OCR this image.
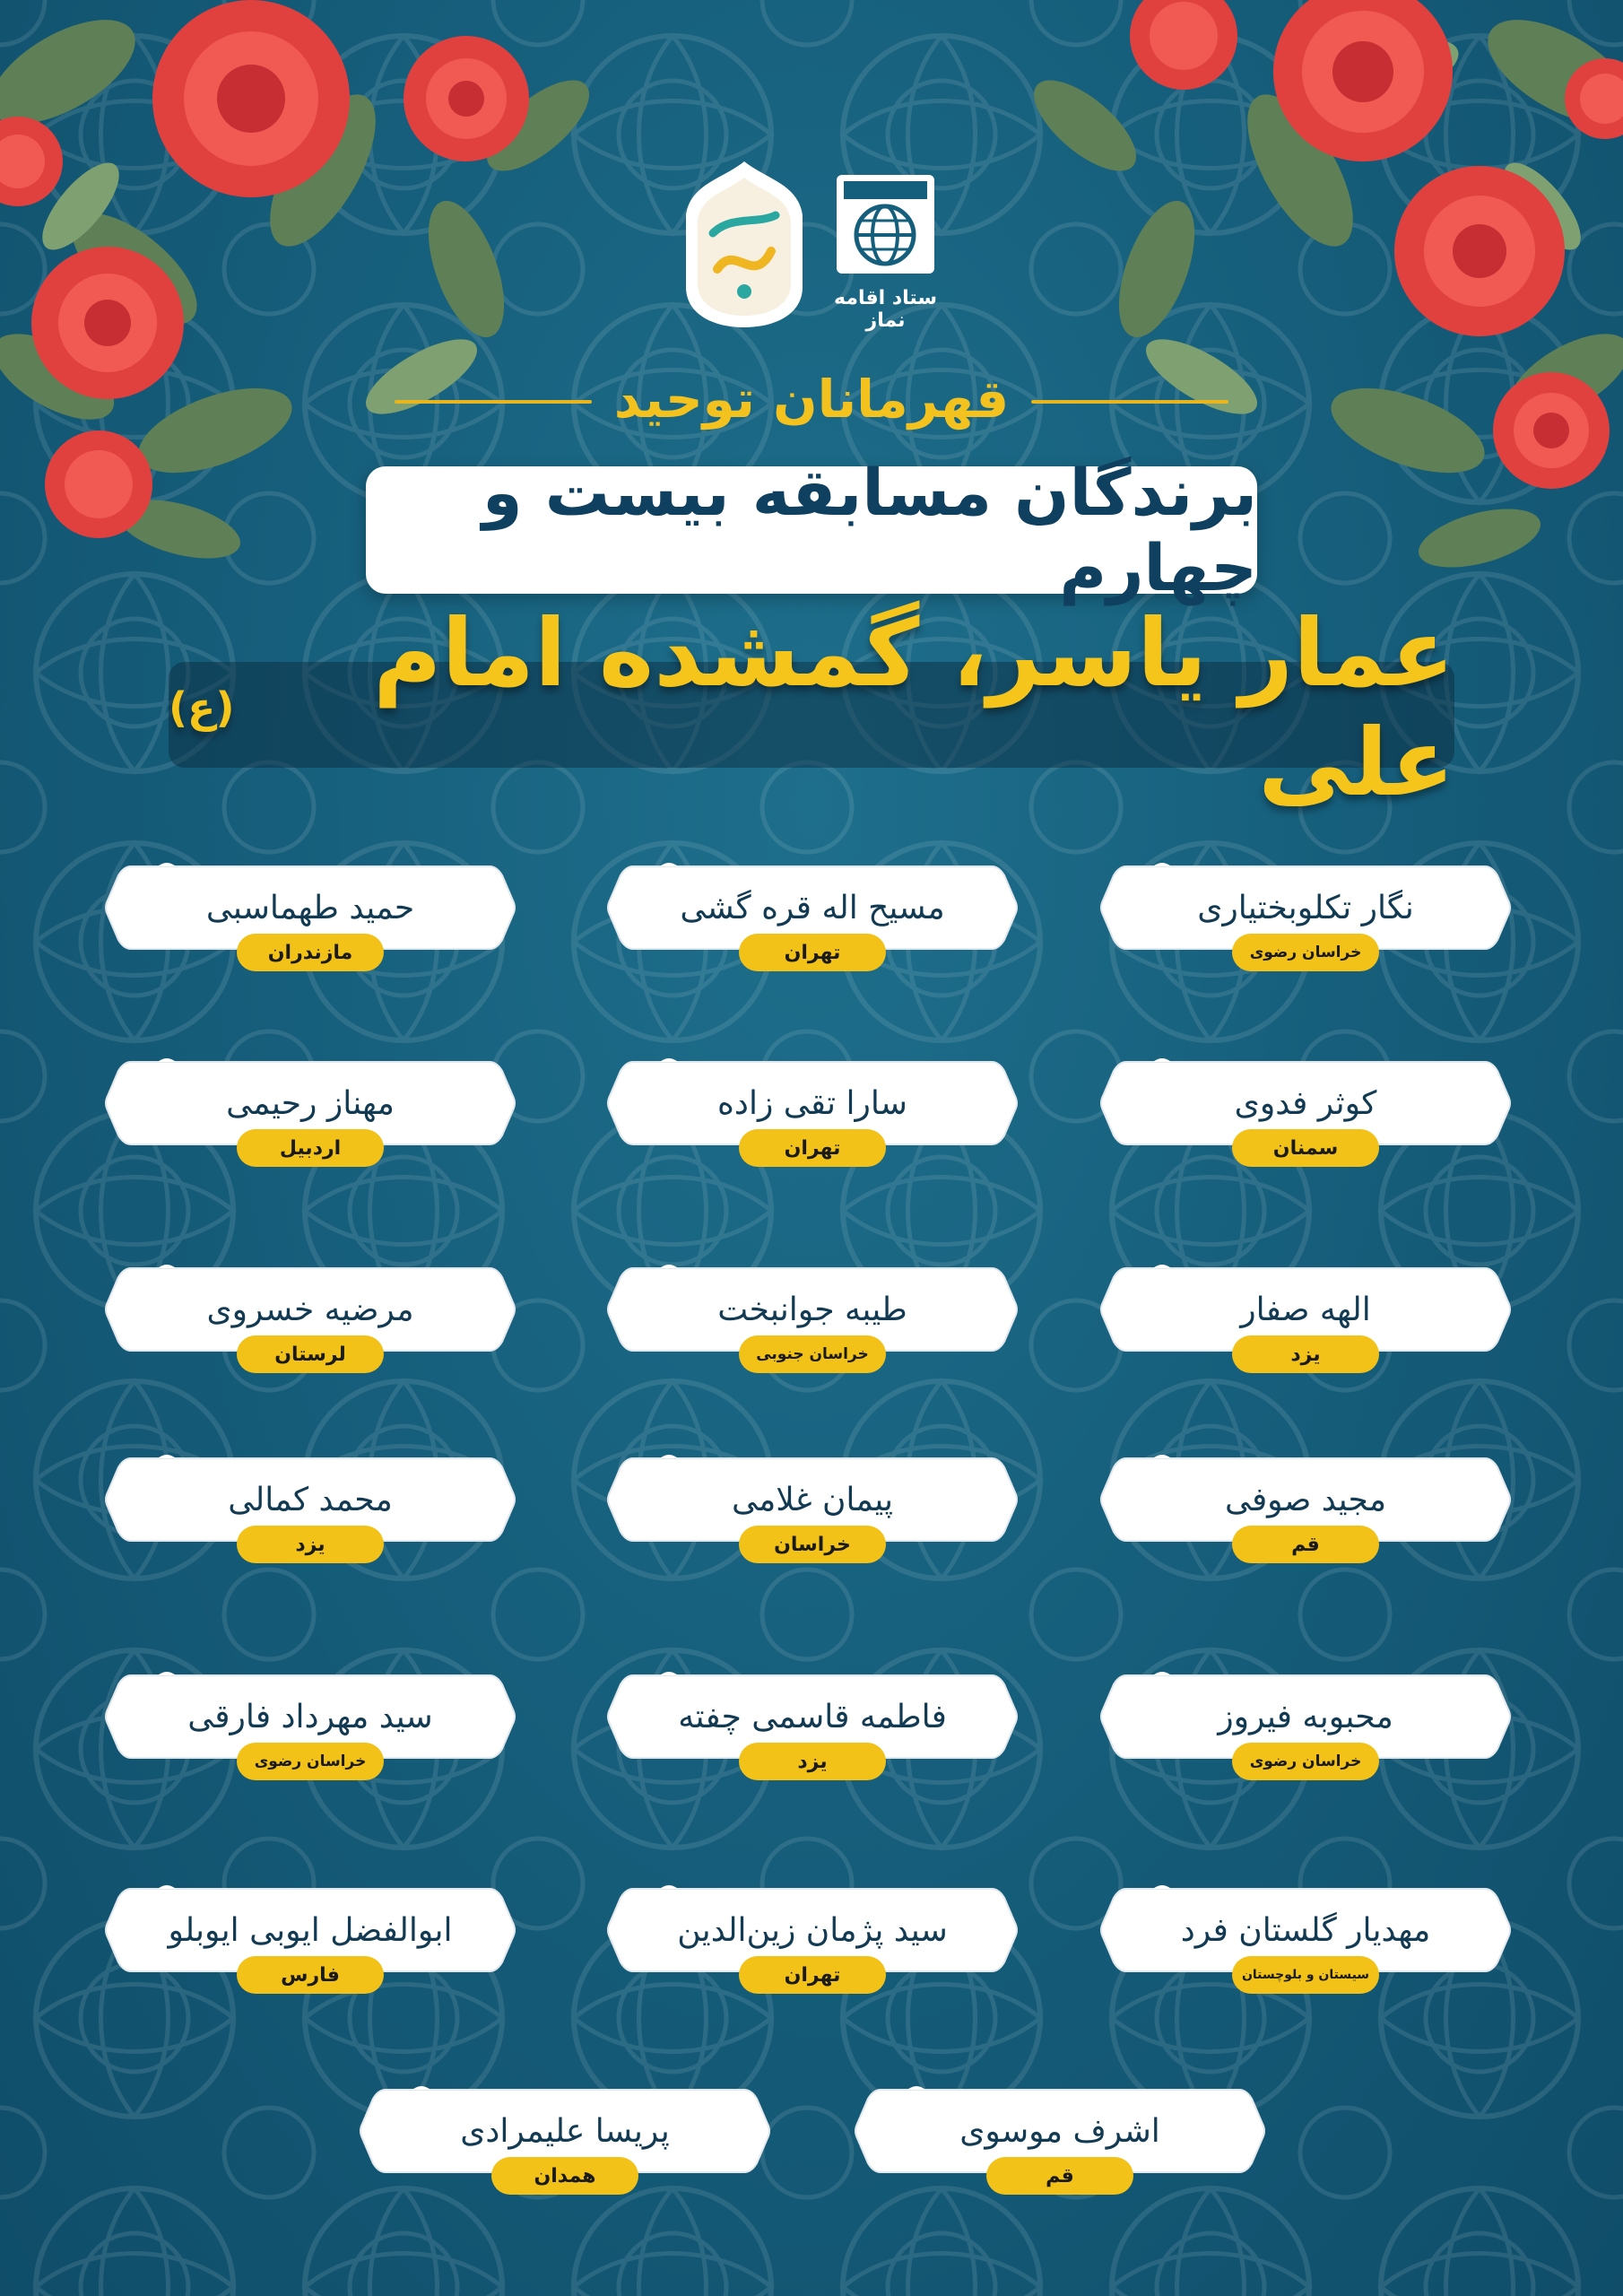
ستاد اقامه نماز
قهرمانان توحید
برندگان مسابقه بیست و چهارم
عمار یاسر، گمشده امام علی
(ع)
نگار تکلوبختیاری
خراسان رضوی
مسیح اله قره گشی
تهران
حمید طهماسبی
مازندران
کوثر فدوی
سمنان
سارا تقی زاده
تهران
مهناز رحیمی
اردبیل
الهه صفار
یزد
طیبه جوانبخت
خراسان جنوبی
مرضیه خسروی
لرستان
مجید صوفی
قم
پیمان غلامی
خراسان
محمد کمالی
یزد
محبوبه فیروز
خراسان رضوی
فاطمه قاسمی چفته
یزد
سید مهرداد فارقی
خراسان رضوی
مهدیار گلستان فرد
سیستان و بلوچستان
سید پژمان زین‌الدین
تهران
ابوالفضل ایوبی ایوبلو
فارس
اشرف موسوی
قم
پریسا علیمرادی
همدان
